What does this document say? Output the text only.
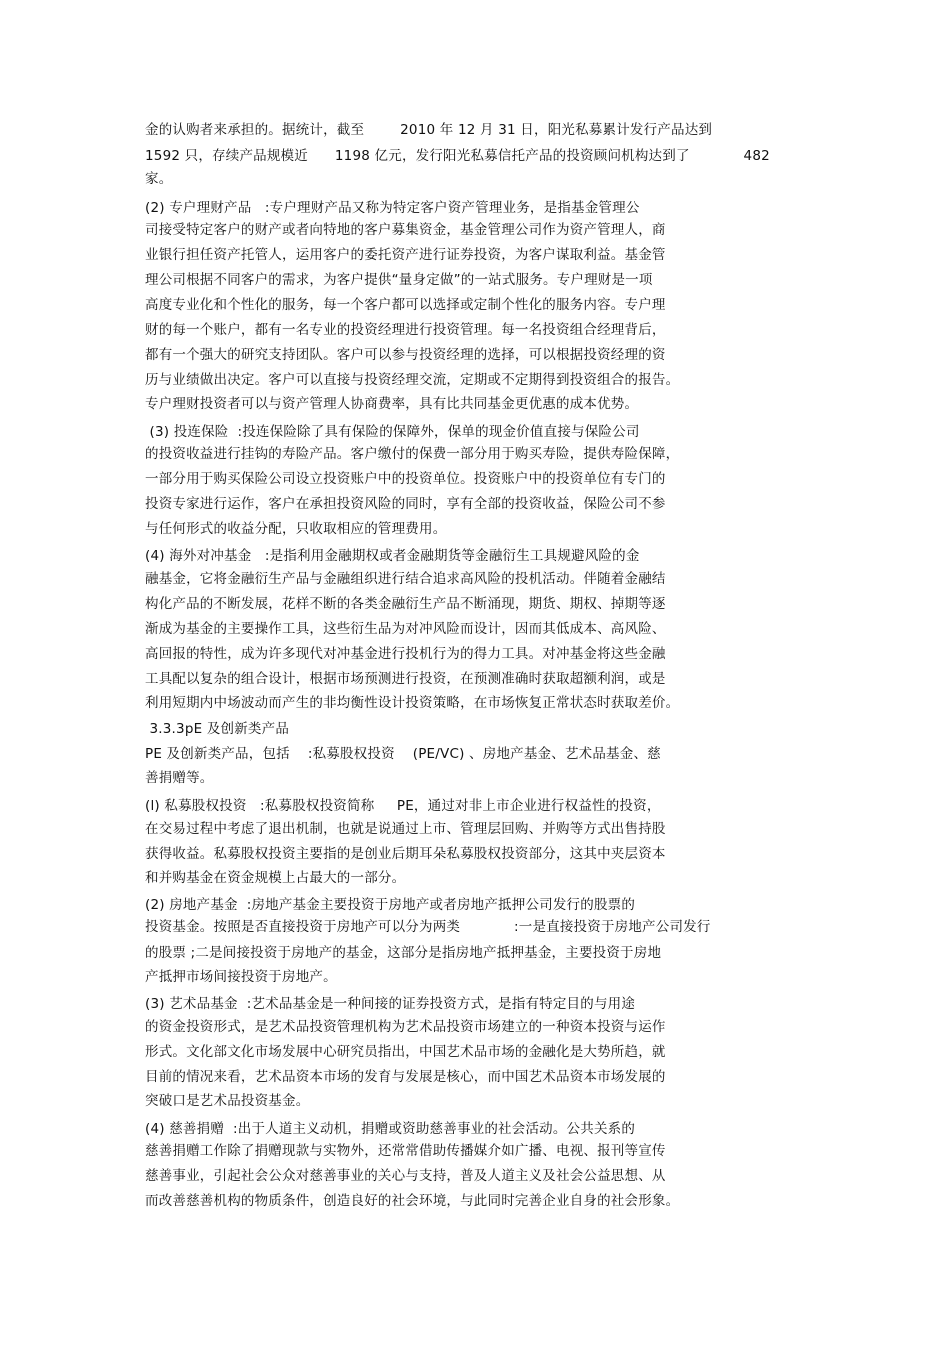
金的认购者来承担的。据统计，截至        2010 年 12 月 31 日，阳光私募累计发行产品达到
1592 只，存续产品规模近      1198 亿元，发行阳光私募信托产品的投资顾问机构达到了            482
家。
(2) 专户理财产品   :专户理财产品又称为特定客户资产管理业务，是指基金管理公
司接受特定客户的财产或者向特地的客户募集资金，基金管理公司作为资产管理人，商
业银行担任资产托管人，运用客户的委托资产进行证券投资，为客户谋取利益。基金管
理公司根据不同客户的需求，为客户提供“量身定做”的一站式服务。专户理财是一项
高度专业化和个性化的服务，每一个客户都可以选择或定制个性化的服务内容。专户理
财的每一个账户，都有一名专业的投资经理进行投资管理。每一名投资组合经理背后，
都有一个强大的研究支持团队。客户可以参与投资经理的选择，可以根据投资经理的资
历与业绩做出决定。客户可以直接与投资经理交流，定期或不定期得到投资组合的报告。
专户理财投资者可以与资产管理人协商费率，具有比共同基金更优惠的成本优势。
(3) 投连保险  :投连保险除了具有保险的保障外，保单的现金价值直接与保险公司
的投资收益进行挂钩的寿险产品。客户缴付的保费一部分用于购买寿险，提供寿险保障，
一部分用于购买保险公司设立投资账户中的投资单位。投资账户中的投资单位有专门的
投资专家进行运作，客户在承担投资风险的同时，享有全部的投资收益，保险公司不参
与任何形式的收益分配，只收取相应的管理费用。
(4) 海外对冲基金   :是指利用金融期权或者金融期货等金融衍生工具规避风险的金
融基金，它将金融衍生产品与金融组织进行结合追求高风险的投机活动。伴随着金融结
构化产品的不断发展，花样不断的各类金融衍生产品不断涌现，期货、期权、掉期等逐
渐成为基金的主要操作工具，这些衍生品为对冲风险而设计，因而其低成本、高风险、
高回报的特性，成为许多现代对冲基金进行投机行为的得力工具。对冲基金将这些金融
工具配以复杂的组合设计，根据市场预测进行投资，在预测准确时获取超额利润，或是
利用短期内中场波动而产生的非均衡性设计投资策略，在市场恢复正常状态时获取差价。
3.3.3pE 及创新类产品
PE 及创新类产品，包括    :私募股权投资    (PE/VC) 、房地产基金、艺术品基金、慈
善捐赠等。
(l) 私募股权投资   :私募股权投资简称     PE，通过对非上市企业进行权益性的投资，
在交易过程中考虑了退出机制，也就是说通过上市、管理层回购、并购等方式出售持股
获得收益。私募股权投资主要指的是创业后期耳朵私募股权投资部分，这其中夹层资本
和并购基金在资金规模上占最大的一部分。
(2) 房地产基金  :房地产基金主要投资于房地产或者房地产抵押公司发行的股票的
投资基金。按照是否直接投资于房地产可以分为两类            :一是直接投资于房地产公司发行
的股票 ;二是间接投资于房地产的基金，这部分是指房地产抵押基金，主要投资于房地
产抵押市场间接投资于房地产。
(3) 艺术品基金  :艺术品基金是一种间接的证券投资方式，是指有特定目的与用途
的资金投资形式，是艺术品投资管理机构为艺术品投资市场建立的一种资本投资与运作
形式。文化部文化市场发展中心研究员指出，中国艺术品市场的金融化是大势所趋，就
目前的情况来看，艺术品资本市场的发育与发展是核心，而中国艺术品资本市场发展的
突破口是艺术品投资基金。
(4) 慈善捐赠  :出于人道主义动机，捐赠或资助慈善事业的社会活动。公共关系的
慈善捐赠工作除了捐赠现款与实物外，还常常借助传播媒介如广播、电视、报刊等宣传
慈善事业，引起社会公众对慈善事业的关心与支持，普及人道主义及社会公益思想、从
而改善慈善机构的物质条件，创造良好的社会环境，与此同时完善企业自身的社会形象。
